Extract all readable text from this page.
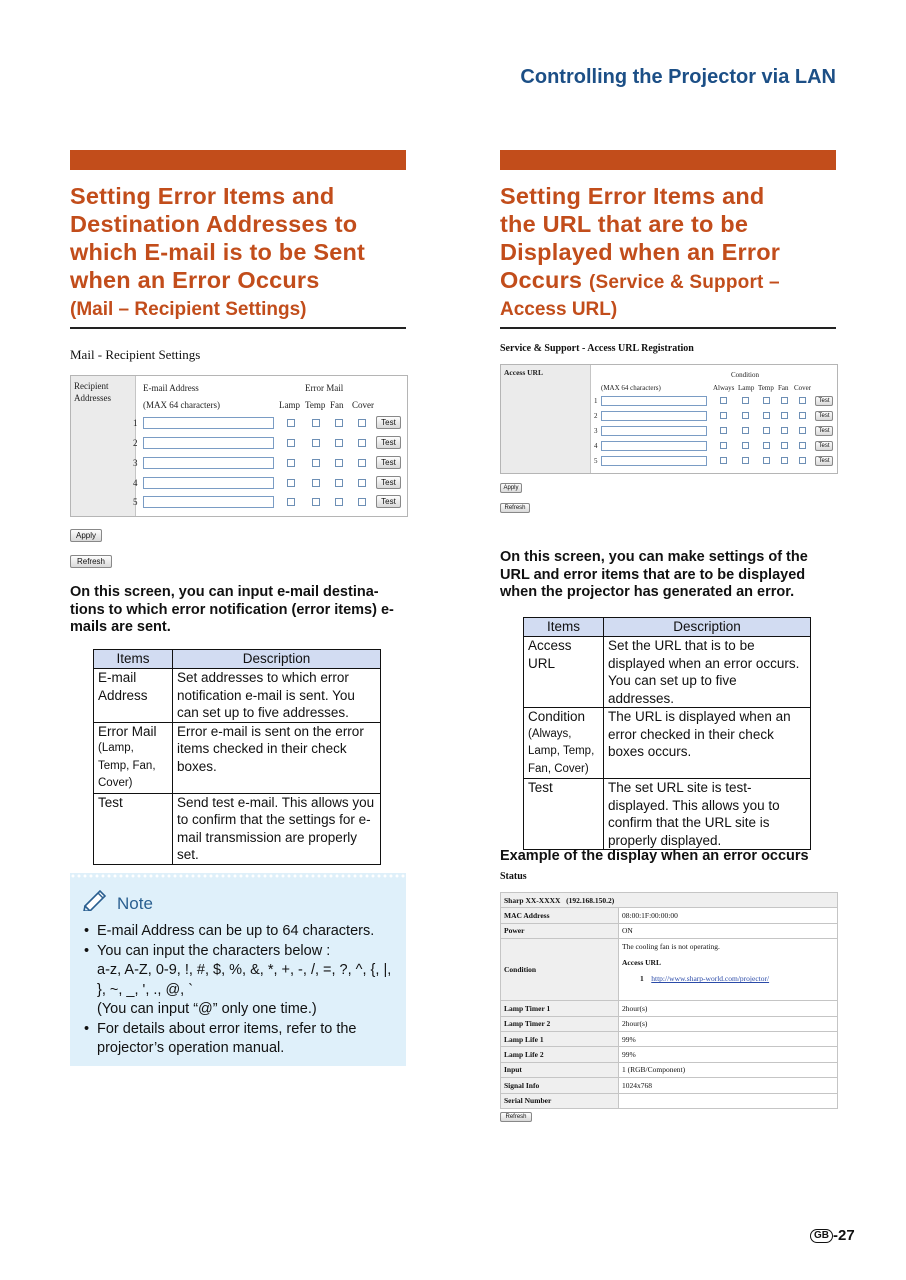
Controlling the Projector via LAN
Setting Error Items and
Destination Addresses to
which E-mail is to be Sent
when an Error Occurs
(Mail – Recipient Settings)
Mail - Recipient Settings
Recipient
Addresses
E-mail Address
(MAX 64 characters)
Error Mail
Lamp Temp Fan Cover
1	Test
2	Test
3	Test
4	Test
5	Test
Apply
Refresh
On this screen, you can input e-mail destina-tions to which error notification (error items) e-mails are sent.
Items	Description

E-mail Address	Set addresses to which error notification e-mail is sent. You can set up to five addresses.

Error Mail
(Lamp, Temp, Fan, Cover)	Error e-mail is sent on the error items checked in their check boxes.

Test	Send test e-mail. This allows you to confirm that the settings for e-mail transmission are properly set.
Note
• E-mail Address can be up to 64 characters.
• You can input the characters below :
a-z, A-Z, 0-9, !, #, $, %, &, *, +, -, /, =, ?, ^, {, |,
}, ~, _, ', ., @, `
(You can input “@” only one time.)
• For details about error items, refer to the projector’s operation manual.
Setting Error Items and
the URL that are to be
Displayed when an Error
Occurs (Service & Support –
Access URL)
Service & Support - Access URL Registration
Access URL	Condition
(MAX 64 characters)	Always Lamp Temp Fan Cover
1	Test
2	Test
3	Test
4	Test
5	Test
Apply
Refresh
On this screen, you can make settings of the URL and error items that are to be displayed when the projector has generated an error.
Items	Description

Access URL	Set the URL that is to be displayed when an error occurs. You can set up to five addresses.

Condition
(Always, Lamp, Temp, Fan, Cover)	The URL is displayed when an error checked in their check boxes occurs.

Test	The set URL site is test-displayed. This allows you to confirm that the URL site is properly displayed.
Example of the display when an error occurs
Status
Sharp XX-XXXX (192.168.150.2)	
MAC Address	08:00:1F:00:00:00
Power	ON
Condition	The cooling fan is not operating.
Access URL
1 http://www.sharp-world.com/projector/

Lamp Timer 1	2hour(s)
Lamp Timer 2	2hour(s)
Lamp Life 1	99%
Lamp Life 2	99%
Input	1 (RGB/Component)
Signal Info	1024x768
Serial Number	
Refresh
GB -27
